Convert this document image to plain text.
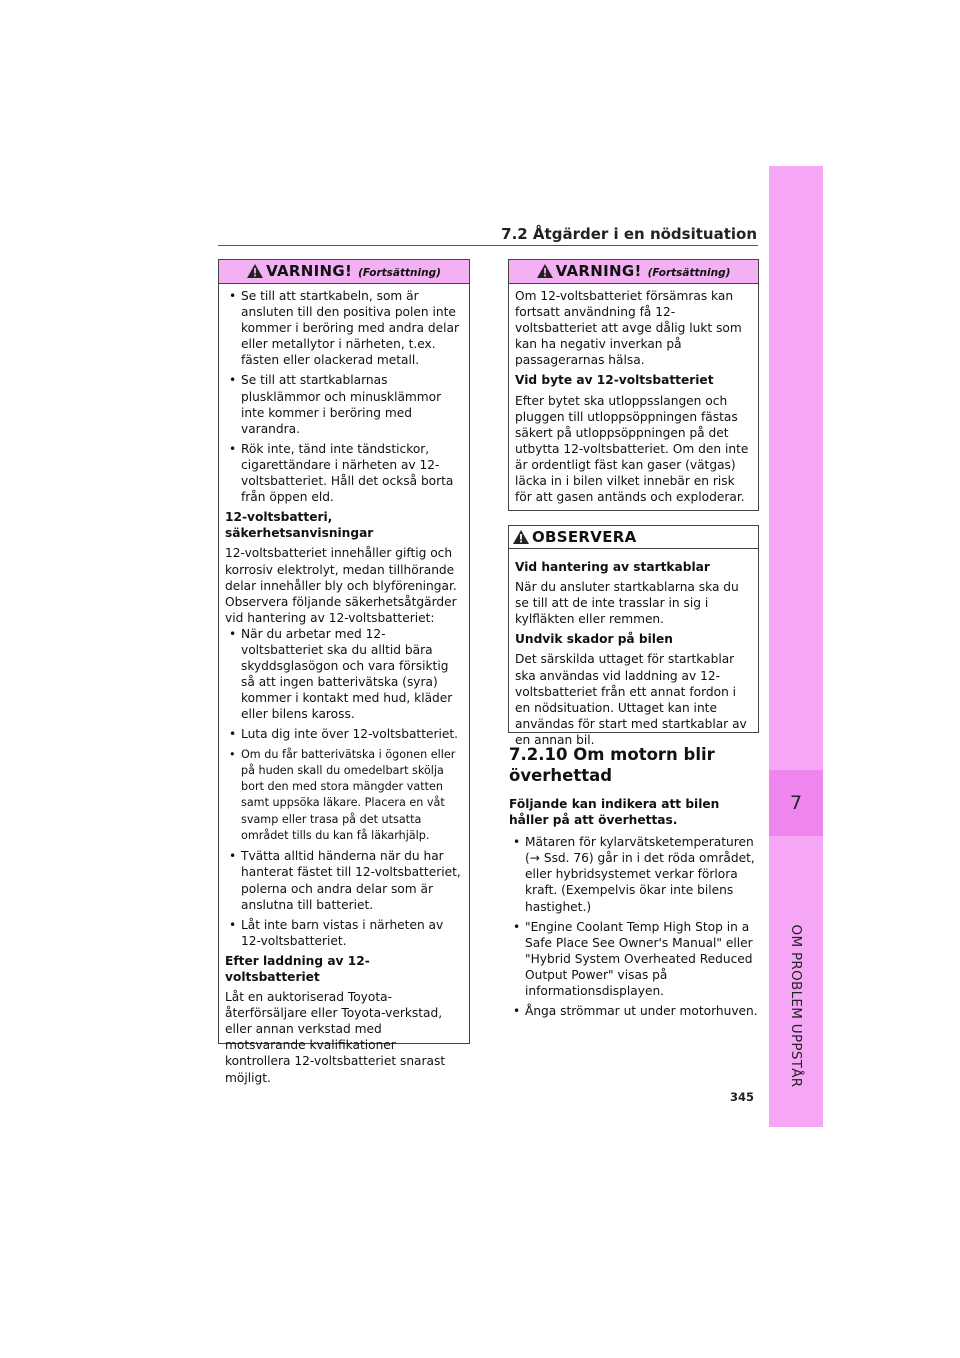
7
OM PROBLEM UPPSTÅR
7.2 Åtgärder i en nödsituation
VARNING! (Fortsättning)
• Se till att startkabeln, som är ansluten till den positiva polen inte kommer i beröring med andra delar eller metallytor i närheten, t.ex. fästen eller olackerad metall.
• Se till att startkablarnas plusklämmor och minusklämmor inte kommer i beröring med varandra.
• Rök inte, tänd inte tändstickor, cigarettändare i närheten av 12-voltsbatteriet. Håll det också borta från öppen eld.

12-voltsbatteri, säkerhetsanvisningar

12-voltsbatteriet innehåller giftig och korrosiv elektrolyt, medan tillhörande delar innehåller bly och blyföreningar. Observera följande säkerhetsåtgärder vid hantering av 12-voltsbatteriet:

• När du arbetar med 12-voltsbatteriet ska du alltid bära skyddsglasögon och vara försiktig så att ingen batterivätska (syra) kommer i kontakt med hud, kläder eller bilens kaross.
• Luta dig inte över 12-voltsbatteriet.
• Om du får batterivätska i ögonen eller på huden skall du omedelbart skölja bort den med stora mängder vatten samt uppsöka läkare. Placera en våt svamp eller trasa på det utsatta området tills du kan få läkarhjälp.
• Tvätta alltid händerna när du har hanterat fästet till 12-voltsbatteriet, polerna och andra delar som är anslutna till batteriet.
• Låt inte barn vistas i närheten av 12-voltsbatteriet.

Efter laddning av 12-voltsbatteriet

Låt en auktoriserad Toyota-återförsäljare eller Toyota-verkstad, eller annan verkstad med motsvarande kvalifikationer kontrollera 12-voltsbatteriet snarast möjligt.

VARNING! (Fortsättning)

Om 12-voltsbatteriet försämras kan fortsatt användning få 12-voltsbatteriet att avge dålig lukt som kan ha negativ inverkan på passagerarnas hälsa.

Vid byte av 12-voltsbatteriet

Efter bytet ska utloppsslangen och pluggen till utloppsöppningen fästas säkert på utloppsöppningen på det utbytta 12-voltsbatteriet. Om den inte är ordentligt fäst kan gaser (vätgas) läcka in i bilen vilket innebär en risk för att gasen antänds och exploderar.

OBSERVERA

Vid hantering av startkablar

När du ansluter startkablarna ska du se till att de inte trasslar in sig i kylfläkten eller remmen.

Undvik skador på bilen

Det särskilda uttaget för startkablar ska användas vid laddning av 12-voltsbatteriet från ett annat fordon i en nödsituation. Uttaget kan inte användas för start med startkablar av en annan bil.

7.2.10 Om motorn blir överhettad

Följande kan indikera att bilen håller på att överhettas.

• Mätaren för kylarvätsketemperaturen (→ Ssd. 76) går in i det röda området, eller hybridsystemet verkar förlora kraft. (Exempelvis ökar inte bilens hastighet.)
• "Engine Coolant Temp High Stop in a Safe Place See Owner's Manual" eller "Hybrid System Overheated Reduced Output Power" visas på informationsdisplayen.
• Ånga strömmar ut under motorhuven.
345
